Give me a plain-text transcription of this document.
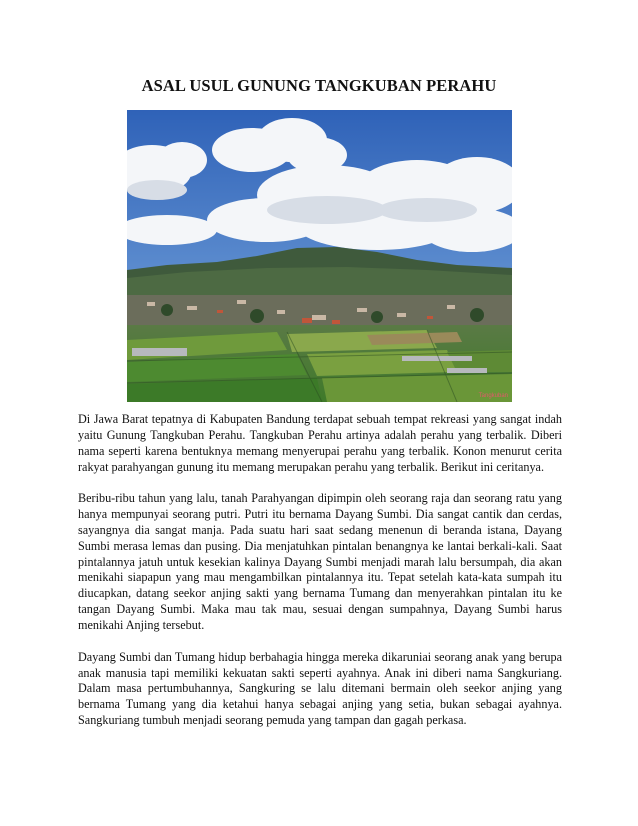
ASAL USUL GUNUNG TANGKUBAN PERAHU
Tangkuban

Di Jawa Barat tepatnya di Kabupaten Bandung terdapat sebuah tempat rekreasi yang sangat indah yaitu Gunung Tangkuban Perahu. Tangkuban Perahu artinya adalah perahu yang terbalik. Diberi nama seperti karena bentuknya memang menyerupai perahu yang terbalik. Konon menurut cerita rakyat parahyangan gunung itu memang merupakan perahu yang terbalik. Berikut ini ceritanya.

Beribu-ribu tahun yang lalu, tanah Parahyangan dipimpin oleh seorang raja dan seorang ratu yang hanya mempunyai seorang putri. Putri itu bernama Dayang Sumbi. Dia sangat cantik dan cerdas, sayangnya dia sangat manja. Pada suatu hari saat sedang menenun di beranda istana, Dayang Sumbi merasa lemas dan pusing. Dia menjatuhkan pintalan benangnya ke lantai berkali-kali. Saat pintalannya jatuh untuk kesekian kalinya Dayang Sumbi menjadi marah lalu bersumpah, dia akan menikahi siapapun yang mau mengambilkan pintalannya itu. Tepat setelah kata-kata sumpah itu diucapkan, datang seekor anjing sakti yang bernama Tumang dan menyerahkan pintalan itu ke tangan Dayang Sumbi. Maka mau tak mau, sesuai dengan sumpahnya, Dayang Sumbi harus menikahi Anjing tersebut.

Dayang Sumbi dan Tumang hidup berbahagia hingga mereka dikaruniai seorang anak yang berupa anak manusia tapi memiliki kekuatan sakti seperti ayahnya. Anak ini diberi nama Sangkuriang. Dalam masa pertumbuhannya, Sangkuring se lalu ditemani bermain oleh seekor anjing yang bernama Tumang yang dia ketahui hanya sebagai anjing yang setia, bukan sebagai ayahnya. Sangkuriang tumbuh menjadi seorang pemuda yang tampan dan gagah perkasa.
